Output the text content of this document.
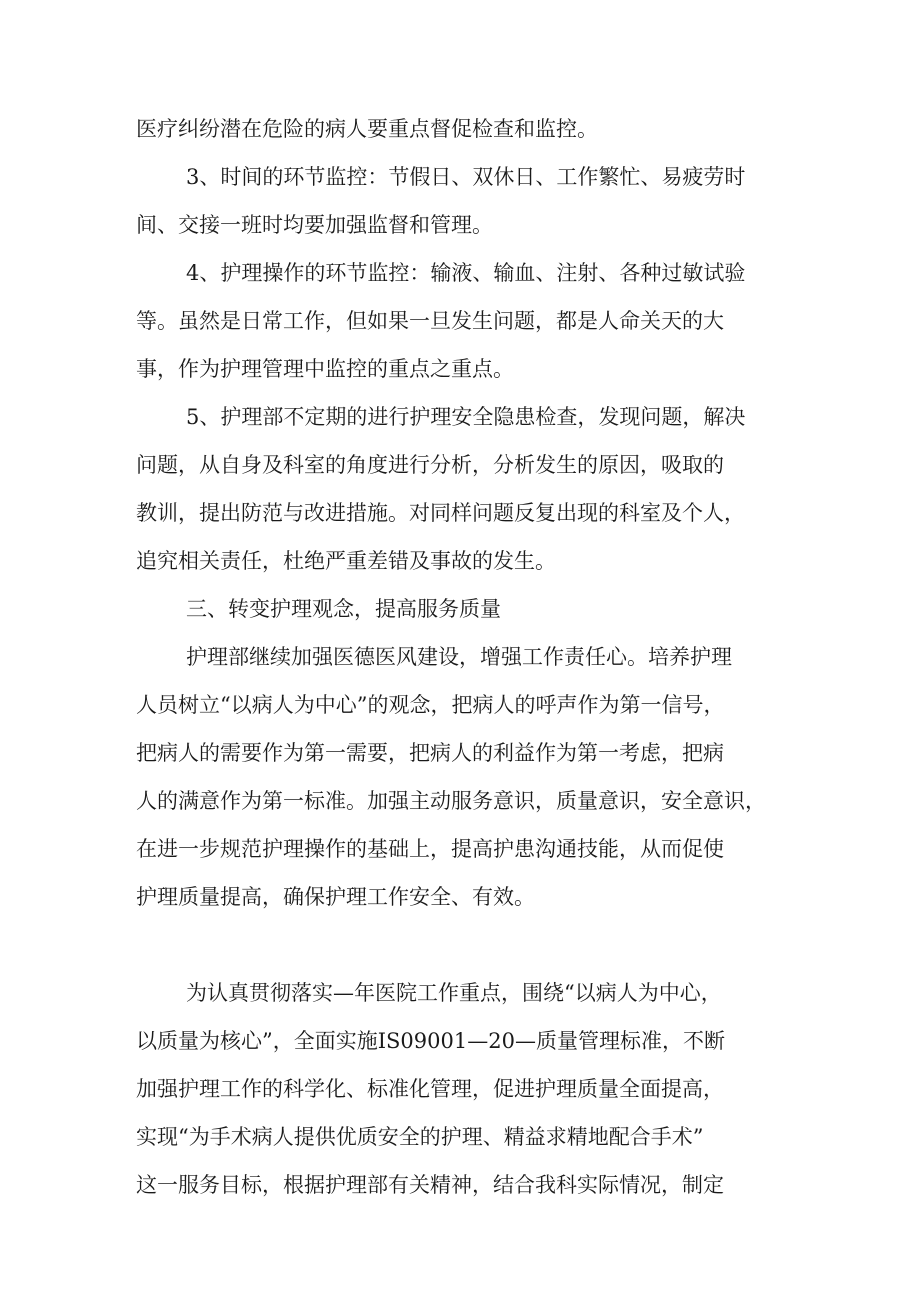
医疗纠纷潜在危险的病人要重点督促检查和监控。
3、时间的环节监控：节假日、双休日、工作繁忙、易疲劳时
间、交接一班时均要加强监督和管理。
4、护理操作的环节监控：输液、输血、注射、各种过敏试验
等。虽然是日常工作，但如果一旦发生问题，都是人命关天的大
事，作为护理管理中监控的重点之重点。
5、护理部不定期的进行护理安全隐患检查，发现问题，解决
问题，从自身及科室的角度进行分析，分析发生的原因，吸取的
教训，提出防范与改进措施。对同样问题反复出现的科室及个人，
追究相关责任，杜绝严重差错及事故的发生。
三、转变护理观念，提高服务质量
护理部继续加强医德医风建设，增强工作责任心。培养护理
人员树立“以病人为中心”的观念，把病人的呼声作为第一信号，
把病人的需要作为第一需要，把病人的利益作为第一考虑，把病
人的满意作为第一标准。加强主动服务意识，质量意识，安全意识，
在进一步规范护理操作的基础上，提高护患沟通技能，从而促使
护理质量提高，确保护理工作安全、有效。
为认真贯彻落实—年医院工作重点，围绕“以病人为中心，
以质量为核心”，全面实施IS09001—20—质量管理标准，不断
加强护理工作的科学化、标准化管理，促进护理质量全面提高，
实现“为手术病人提供优质安全的护理、精益求精地配合手术”
这一服务目标，根据护理部有关精神，结合我科实际情况，制定
